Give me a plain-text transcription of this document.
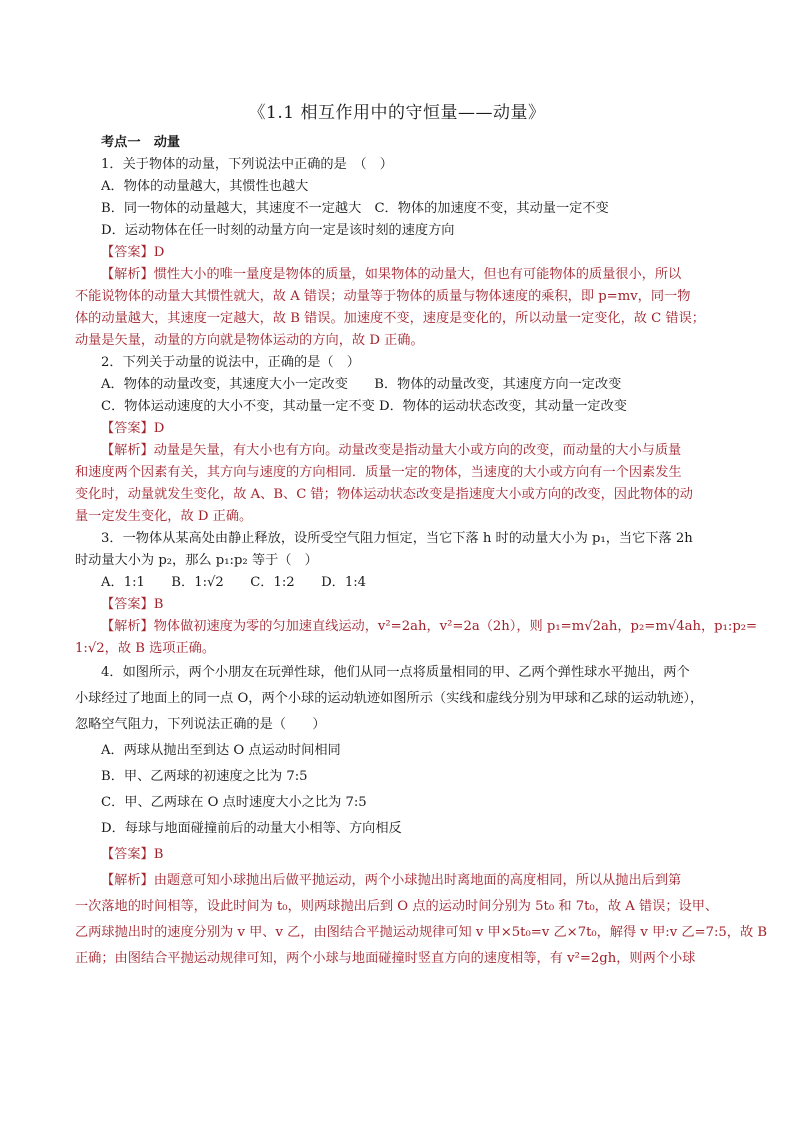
《1.1 相互作用中的守恒量——动量》
考点一　动量
1．关于物体的动量，下列说法中正确的是　（　）
A．物体的动量越大，其惯性也越大
B．同一物体的动量越大，其速度不一定越大　C．物体的加速度不变，其动量一定不变
D．运动物体在任一时刻的动量方向一定是该时刻的速度方向
【答案】D
【解析】惯性大小的唯一量度是物体的质量，如果物体的动量大，但也有可能物体的质量很小，所以
不能说物体的动量大其惯性就大，故 A 错误；动量等于物体的质量与物体速度的乘积，即 p=mv，同一物
体的动量越大，其速度一定越大，故 B 错误。加速度不变，速度是变化的，所以动量一定变化，故 C 错误；
动量是矢量，动量的方向就是物体运动的方向，故 D 正确。
2．下列关于动量的说法中，正确的是（　）
A．物体的动量改变，其速度大小一定改变　　B．物体的动量改变，其速度方向一定改变
C．物体运动速度的大小不变，其动量一定不变 D．物体的运动状态改变，其动量一定改变
【答案】D
【解析】动量是矢量，有大小也有方向。动量改变是指动量大小或方向的改变，而动量的大小与质量
和速度两个因素有关，其方向与速度的方向相同．质量一定的物体，当速度的大小或方向有一个因素发生
变化时，动量就发生变化，故 A、B、C 错；物体运动状态改变是指速度大小或方向的改变，因此物体的动
量一定发生变化，故 D 正确。
3．一物体从某高处由静止释放，设所受空气阻力恒定，当它下落 h 时的动量大小为 p₁，当它下落 2h
时动量大小为 p₂，那么 p₁:p₂ 等于（　）
A．1:1　　B．1:√2　　C．1:2　　D．1:4
【答案】B
【解析】物体做初速度为零的匀加速直线运动，v²=2ah，v²=2a（2h），则 p₁=m√2ah，p₂=m√4ah，p₁:p₂=
1:√2，故 B 选项正确。
4．如图所示，两个小朋友在玩弹性球，他们从同一点将质量相同的甲、乙两个弹性球水平抛出，两个
小球经过了地面上的同一点 O，两个小球的运动轨迹如图所示（实线和虚线分别为甲球和乙球的运动轨迹），
忽略空气阻力，下列说法正确的是（　　）
A．两球从抛出至到达 O 点运动时间相同
B．甲、乙两球的初速度之比为 7:5
C．甲、乙两球在 O 点时速度大小之比为 7:5
D．每球与地面碰撞前后的动量大小相等、方向相反
【答案】B
【解析】由题意可知小球抛出后做平抛运动，两个小球抛出时离地面的高度相同，所以从抛出后到第
一次落地的时间相等，设此时间为 t₀，则两球抛出后到 O 点的运动时间分别为 5t₀ 和 7t₀，故 A 错误；设甲、
乙两球抛出时的速度分别为 v 甲、v 乙，由图结合平抛运动规律可知 v 甲×5t₀=v 乙×7t₀，解得 v 甲:v 乙=7:5，故 B
正确；由图结合平抛运动规律可知，两个小球与地面碰撞时竖直方向的速度相等，有 v²=2gh，则两个小球
